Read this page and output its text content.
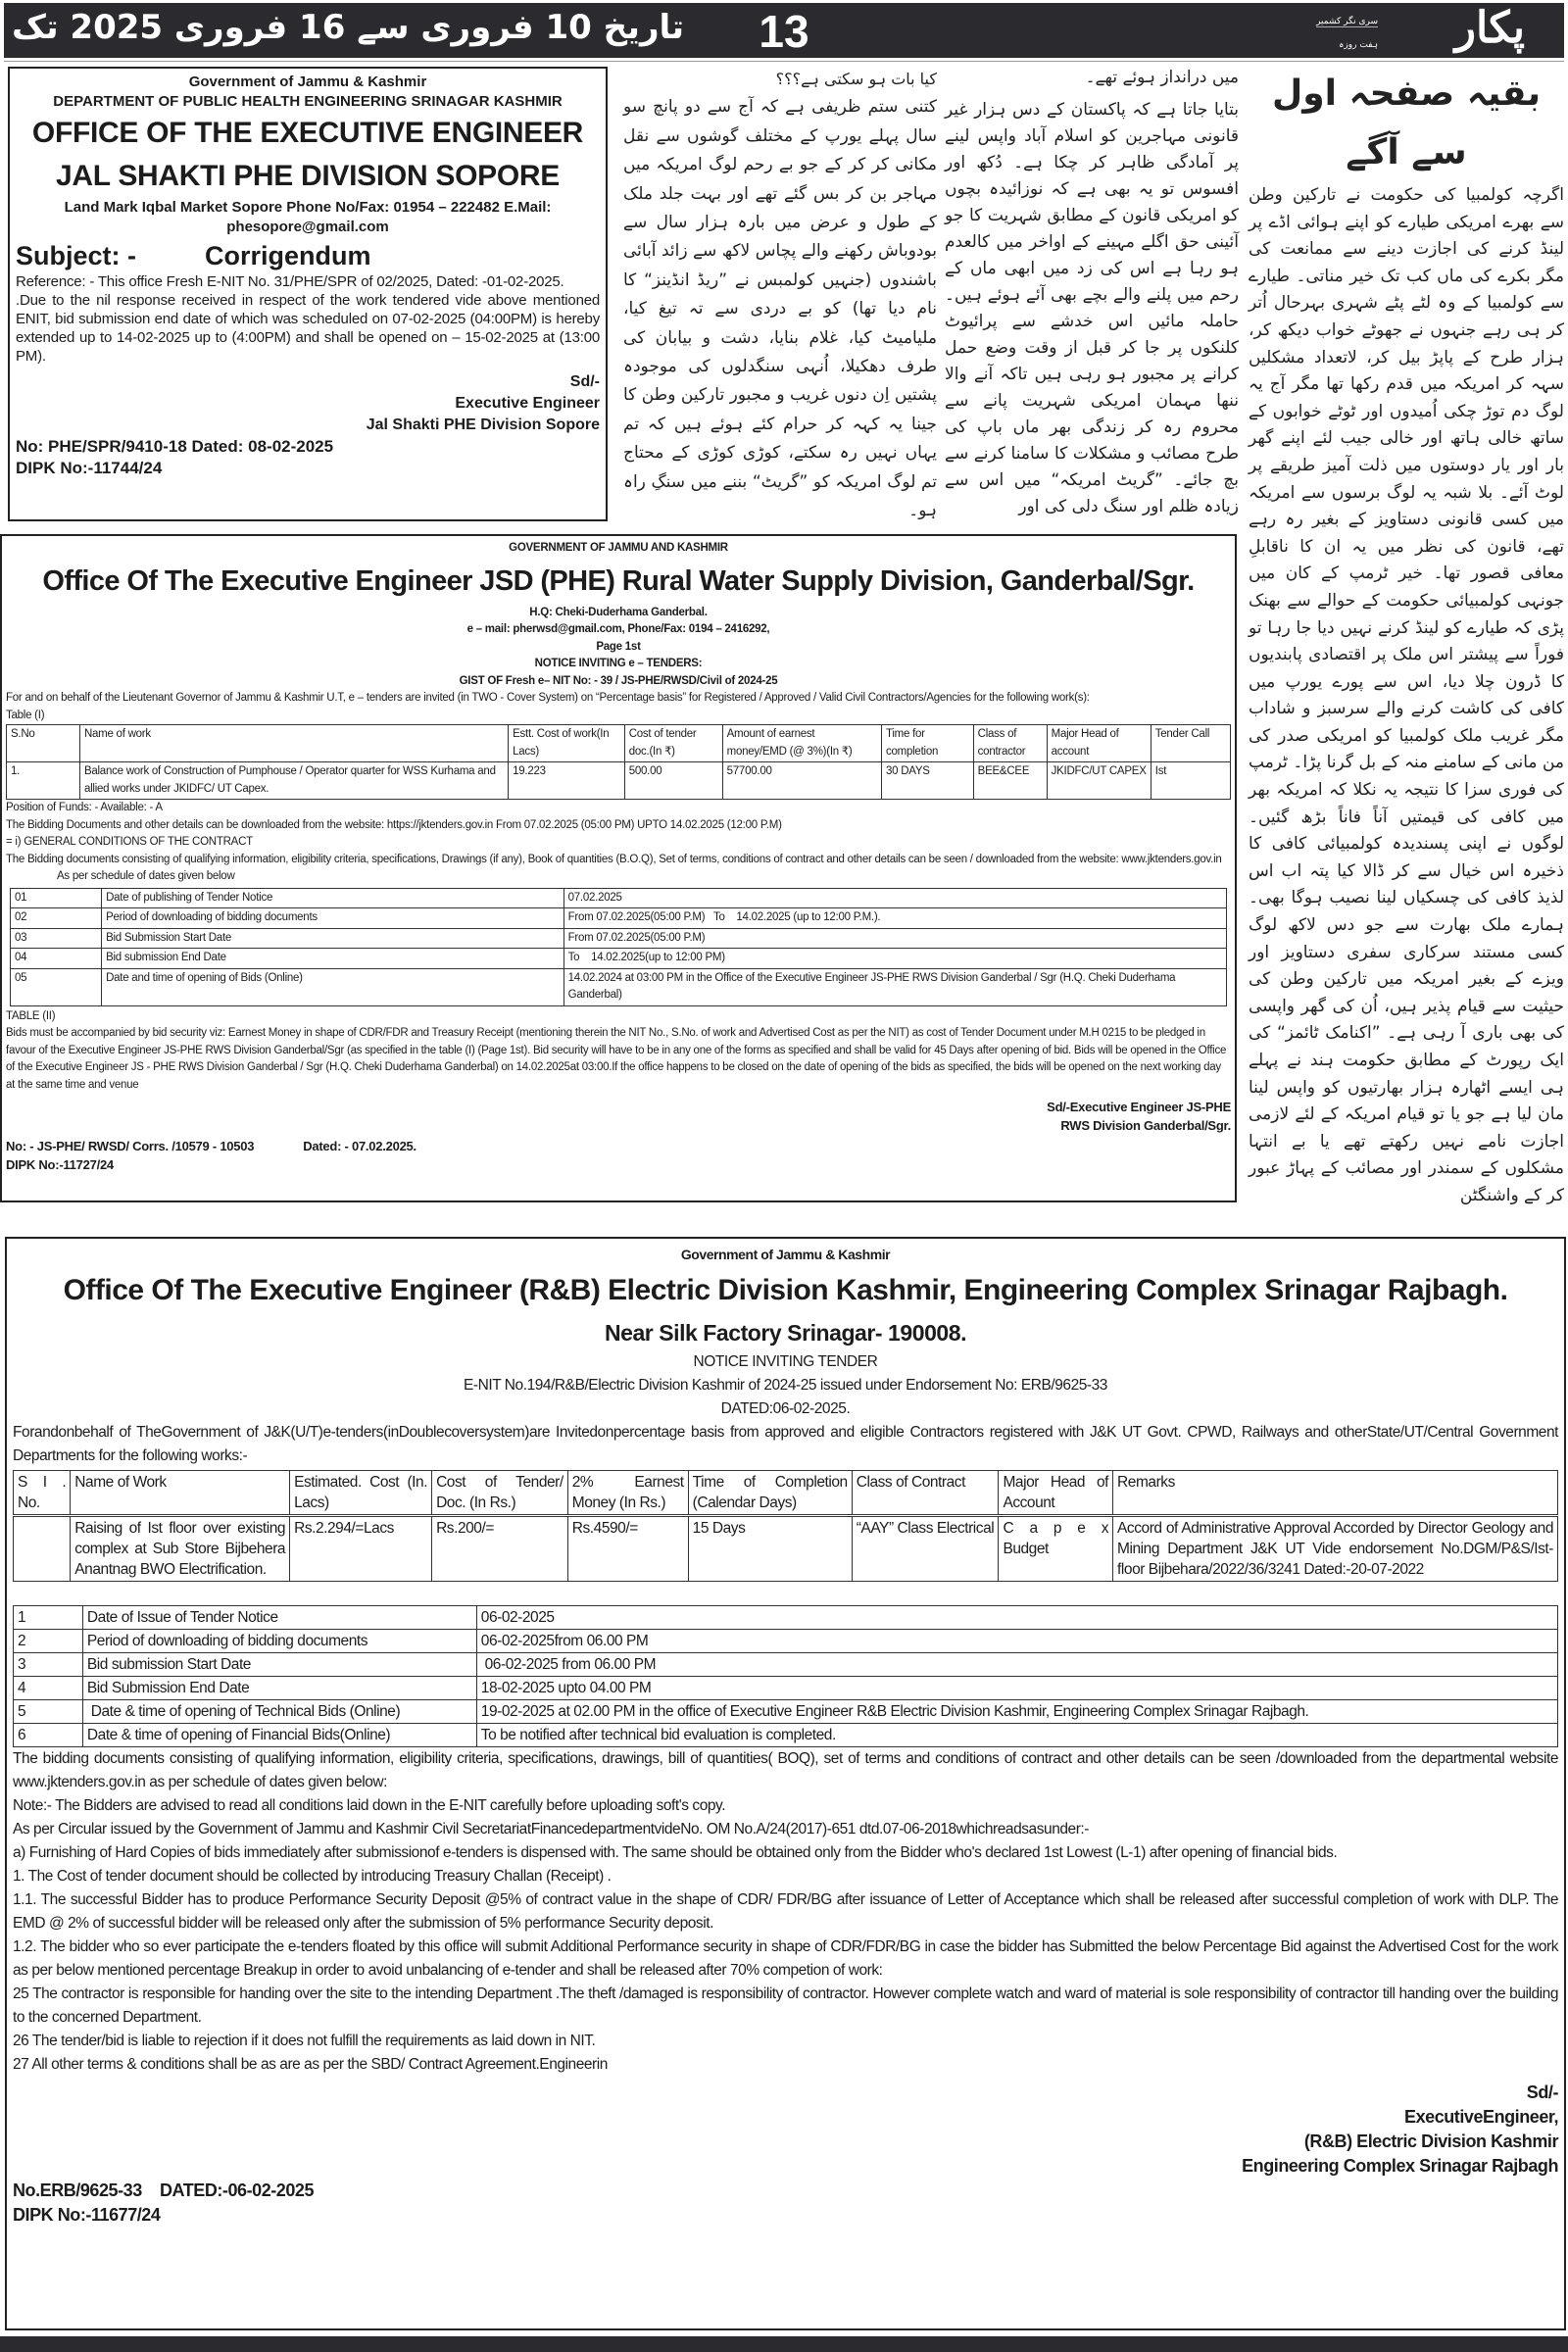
تاریخ 10 فروری سے 16 فروری 2025 تک	13	پکار
ہفت روزہ
سری نگر کشمیر
Government of Jammu & Kashmir
DEPARTMENT OF PUBLIC HEALTH ENGINEERING SRINAGAR KASHMIR
OFFICE OF THE EXECUTIVE ENGINEER
JAL SHAKTI PHE DIVISION SOPORE
Land Mark Iqbal Market Sopore Phone No/Fax: 01954 – 222482 E.Mail:
phesopore@gmail.com
Subject: -	Corrigendum
Reference: - This office Fresh E-NIT No. 31/PHE/SPR of 02/2025, Dated: -01-02-2025.
.Due to the nil response received in respect of the work tendered vide above mentioned ENIT, bid submission end date of which was scheduled on 07-02-2025 (04:00PM) is hereby extended up to 14-02-2025 up to (4:00PM) and shall be opened on – 15-02-2025 at (13:00 PM).
Sd/-
Executive Engineer
Jal Shakti PHE Division Sopore
No: PHE/SPR/9410-18 Dated: 08-02-2025
DIPK No:-11744/24
کیا بات ہو سکتی ہے؟؟؟
کتنی ستم ظریفی ہے کہ آج سے دو پانچ سو سال پہلے یورپ کے مختلف گوشوں سے نقل مکانی کر کر کے جو بے رحم لوگ امریکہ میں مہاجر بن کر بس گئے تھے اور بہت جلد ملک کے طول و عرض میں بارہ ہزار سال سے بودوباش رکھنے والے پچاس لاکھ سے زائد آبائی باشندوں (جنہیں کولمبس نے ”ریڈ انڈینز“ کا نام دیا تھا) کو بے دردی سے تہ تیغ کیا، ملیامیٹ کیا، غلام بنایا، دشت و بیابان کی طرف دھکیلا، اُنہی سنگدلوں کی موجودہ پشتیں اِن دنوں غریب و مجبور تارکین وطن کا جینا یہ کہہ کر حرام کئے ہوئے ہیں کہ تم یہاں نہیں رہ سکتے، کوڑی کوڑی کے محتاج تم لوگ امریکہ کو ”گریٹ“ بننے میں سنگِ راہ ہو۔
میں درانداز ہوئے تھے۔
بتایا جاتا ہے کہ پاکستان کے دس ہزار غیر قانونی مہاجرین کو اسلام آباد واپس لینے پر آمادگی ظاہر کر چکا ہے۔ دُکھ اور افسوس تو یہ بھی ہے کہ نوزائیدہ بچوں کو امریکی قانون کے مطابق شہریت کا جو آئینی حق اگلے مہینے کے اواخر میں کالعدم ہو رہا ہے اس کی زد میں ابھی ماں کے رحم میں پلنے والے بچے بھی آئے ہوئے ہیں۔ حاملہ مائیں اس خدشے سے پرائیوٹ کلنکوں پر جا کر قبل از وقت وضع حمل کرانے پر مجبور ہو رہی ہیں تاکہ آنے والا ننھا مہمان امریکی شہریت پانے سے محروم رہ کر زندگی بھر ماں باپ کی طرح مصائب و مشکلات کا سامنا کرنے سے بچ جائے۔ ”گریٹ امریکہ“ میں اس سے زیادہ ظلم اور سنگ دلی کی اور
بقیہ صفحہ اول سے آگے
اگرچہ کولمبیا کی حکومت نے تارکین وطن سے بھرے امریکی طیارے کو اپنے ہوائی اڈے پر لینڈ کرنے کی اجازت دینے سے ممانعت کی مگر بکرے کی ماں کب تک خیر مناتی۔ طیارے سے کولمبیا کے وہ لٹے پٹے شہری بہرحال اُتر کر ہی رہے جنہوں نے جھوٹے خواب دیکھ کر، ہزار طرح کے پاپڑ بیل کر، لاتعداد مشکلیں سہہ کر امریکہ میں قدم رکھا تھا مگر آج یہ لوگ دم توڑ چکی اُمیدوں اور ٹوٹے خوابوں کے ساتھ خالی ہاتھ اور خالی جیب لئے اپنے گھر بار اور یار دوستوں میں ذلت آمیز طریقے پر لوٹ آئے۔ بلا شبہ یہ لوگ برسوں سے امریکہ میں کسی قانونی دستاویز کے بغیر رہ رہے تھے، قانون کی نظر میں یہ ان کا ناقابلِ معافی قصور تھا۔ خیر ٹرمپ کے کان میں جونہی کولمبیائی حکومت کے حوالے سے بھنک پڑی کہ طیارے کو لینڈ کرنے نہیں دیا جا رہا تو فوراً سے پیشتر اس ملک پر اقتصادی پابندیوں کا ڈرون چلا دیا، اس سے پورے یورپ میں کافی کی کاشت کرنے والے سرسبز و شاداب مگر غریب ملک کولمبیا کو امریکی صدر کی من مانی کے سامنے منہ کے بل گرنا پڑا۔ ٹرمپ کی فوری سزا کا نتیجہ یہ نکلا کہ امریکہ بھر میں کافی کی قیمتیں آناً فاناً بڑھ گئیں۔ لوگوں نے اپنی پسندیدہ کولمبیائی کافی کا ذخیرہ اس خیال سے کر ڈالا کیا پتہ اب اس لذیذ کافی کی چسکیاں لینا نصیب ہوگا بھی۔ ہمارے ملک بھارت سے جو دس لاکھ لوگ کسی مستند سرکاری سفری دستاویز اور ویزے کے بغیر امریکہ میں تارکین وطن کی حیثیت سے قیام پذیر ہیں، اُن کی گھر واپسی کی بھی باری آ رہی ہے۔ ”اکنامک ٹائمز“ کی ایک رپورٹ کے مطابق حکومت ہند نے پہلے ہی ایسے اٹھارہ ہزار بھارتیوں کو واپس لینا مان لیا ہے جو یا تو قیام امریکہ کے لئے لازمی اجازت نامے نہیں رکھتے تھے یا بے انتہا مشکلوں کے سمندر اور مصائب کے پہاڑ عبور کر کے واشنگٹن
GOVERNMENT OF JAMMU AND KASHMIR
Office Of The Executive Engineer JSD (PHE) Rural Water Supply Division, Ganderbal/Sgr.
H.Q: Cheki-Duderhama Ganderbal.
e – mail: pherwsd@gmail.com, Phone/Fax: 0194 – 2416292,
Page 1st
NOTICE INVITING e – TENDERS:
GIST OF Fresh e– NIT No: - 39 / JS-PHE/RWSD/Civil of 2024-25
For and on behalf of the Lieutenant Governor of Jammu & Kashmir U.T, e – tenders are invited (in TWO - Cover System) on “Percentage basis” for Registered / Approved / Valid Civil Contractors/Agencies for the following work(s):
Table (I)
S.No	Name of work	Estt. Cost of work(In Lacs)	Cost of tender doc.(In ₹)	Amount of earnest money/EMD (@ 3%)(In ₹)	Time for completion	Class of contractor	Major Head of account	Tender Call
1.	Balance work of Construction of Pumphouse / Operator quarter for WSS Kurhama and allied works under JKIDFC/ UT Capex.	19.223	500.00	57700.00	30 DAYS	BEE&CEE	JKIDFC/UT CAPEX	Ist
Position of Funds: - Available: - A
The Bidding Documents and other details can be downloaded from the website: https://jktenders.gov.in From 07.02.2025 (05:00 PM) UPTO 14.02.2025 (12:00 P.M)
= i) GENERAL CONDITIONS OF THE CONTRACT
The Bidding documents consisting of qualifying information, eligibility criteria, specifications, Drawings (if any), Book of quantities (B.O.Q), Set of terms, conditions of contract and other details can be seen / downloaded from the website: www.jktenders.gov.in
As per schedule of dates given below
01	Date of publishing of Tender Notice	07.02.2025
02	Period of downloading of bidding documents	From 07.02.2025(05:00 P.M)   To    14.02.2025 (up to 12:00 P.M.).
03	Bid Submission Start Date	From 07.02.2025(05:00 P.M)
04	Bid submission End Date	To    14.02.2025(up to 12:00 PM)
05	Date and time of opening of Bids (Online)	14.02.2024 at 03:00 PM in the Office of the Executive Engineer JS-PHE RWS Division Ganderbal / Sgr (H.Q. Cheki Duderhama Ganderbal)
TABLE (II)
Bids must be accompanied by bid security viz: Earnest Money in shape of CDR/FDR and Treasury Receipt (mentioning therein the NIT No., S.No. of work and Advertised Cost as per the NIT) as cost of Tender Document under M.H 0215 to be pledged in favour of the Executive Engineer JS-PHE RWS Division Ganderbal/Sgr (as specified in the table (I) (Page 1st). Bid security will have to be in any one of the forms as specified and shall be valid for 45 Days after opening of bid. Bids will be opened in the Office of the Executive Engineer JS - PHE RWS Division Ganderbal / Sgr (H.Q. Cheki Duderhama Ganderbal) on 14.02.2025at 03:00.If the office happens to be closed on the date of opening of the bids as specified, the bids will be opened on the next working day at the same time and venue
Sd/-Executive Engineer JS-PHE
RWS Division Ganderbal/Sgr.
No: - JS-PHE/ RWSD/ Corrs. /10579 - 10503	Dated: - 07.02.2025.
DIPK No:-11727/24
Government of Jammu & Kashmir
Office Of The Executive Engineer (R&B) Electric Division Kashmir, Engineering Complex Srinagar Rajbagh.
Near Silk Factory Srinagar- 190008.
NOTICE INVITING TENDER
E-NIT No.194/R&B/Electric Division Kashmir of 2024-25 issued under Endorsement No: ERB/9625-33
DATED:06-02-2025.
Forandonbehalf of TheGovernment of J&K(U/T)e-tenders(inDoublecoversystem)are Invitedonpercentage basis from approved and eligible Contractors registered with J&K UT Govt. CPWD, Railways and otherState/UT/Central Government Departments for the following works:-
S I . No.	Name of Work	Estimated. Cost (In. Lacs)	Cost of Tender/ Doc. (In Rs.)	2% Earnest Money (In Rs.)	Time of Completion (Calendar Days)	Class of Contract	Major Head of Account	Remarks
	Raising of Ist floor over existing complex at Sub Store Bijbehera Anantnag BWO Electrification.	Rs.2.294/=Lacs	Rs.200/=	Rs.4590/=	15 Days	“AAY” Class Electrical	C a p e x Budget	Accord of Administrative Approval Accorded by Director Geology and Mining Department J&K UT Vide endorsement No.DGM/P&S/Ist-floor Bijbehara/2022/36/3241 Dated:-20-07-2022
1	Date of Issue of Tender Notice	06-02-2025
2	Period of downloading of bidding documents	06-02-2025from 06.00 PM
3	Bid submission Start Date	06-02-2025 from 06.00 PM
4	Bid Submission End Date	18-02-2025 upto 04.00 PM
5	Date & time of opening of Technical Bids (Online)	19-02-2025 at 02.00 PM in the office of Executive Engineer R&B Electric Division Kashmir, Engineering Complex Srinagar Rajbagh.
6	Date & time of opening of Financial Bids(Online)	To be notified after technical bid evaluation is completed.
The bidding documents consisting of qualifying information, eligibility criteria, specifications, drawings, bill of quantities( BOQ), set of terms and conditions of contract and other details can be seen /downloaded from the departmental website www.jktenders.gov.in as per schedule of dates given below:
Note:- The Bidders are advised to read all conditions laid down in the E-NIT carefully before uploading soft's copy.
As per Circular issued by the Government of Jammu and Kashmir Civil SecretariatFinancedepartmentvideNo. OM No.A/24(2017)-651 dtd.07-06-2018whichreadsasunder:-
a) Furnishing of Hard Copies of bids immediately after submissionof e-tenders is dispensed with. The same should be obtained only from the Bidder who's declared 1st Lowest (L-1) after opening of financial bids.
1. The Cost of tender document should be collected by introducing Treasury Challan (Receipt) .
1.1. The successful Bidder has to produce Performance Security Deposit @5% of contract value in the shape of CDR/ FDR/BG after issuance of Letter of Acceptance which shall be released after successful completion of work with DLP. The EMD @ 2% of successful bidder will be released only after the submission of 5% performance Security deposit.
1.2. The bidder who so ever participate the e-tenders floated by this office will submit Additional Performance security in shape of CDR/FDR/BG in case the bidder has Submitted the below Percentage Bid against the Advertised Cost for the work as per below mentioned percentage Breakup in order to avoid unbalancing of e-tender and shall be released after 70% competion of work:
25 The contractor is responsible for handing over the site to the intending Department .The theft /damaged is responsibility of contractor. However complete watch and ward of material is sole responsibility of contractor till handing over the building to the concerned Department.
26 The tender/bid is liable to rejection if it does not fulfill the requirements as laid down in NIT.
27 All other terms & conditions shall be as are as per the SBD/ Contract Agreement.Engineerin
Sd/-
ExecutiveEngineer,
(R&B) Electric Division Kashmir
Engineering Complex Srinagar Rajbagh
No.ERB/9625-33    DATED:-06-02-2025
DIPK No:-11677/24
